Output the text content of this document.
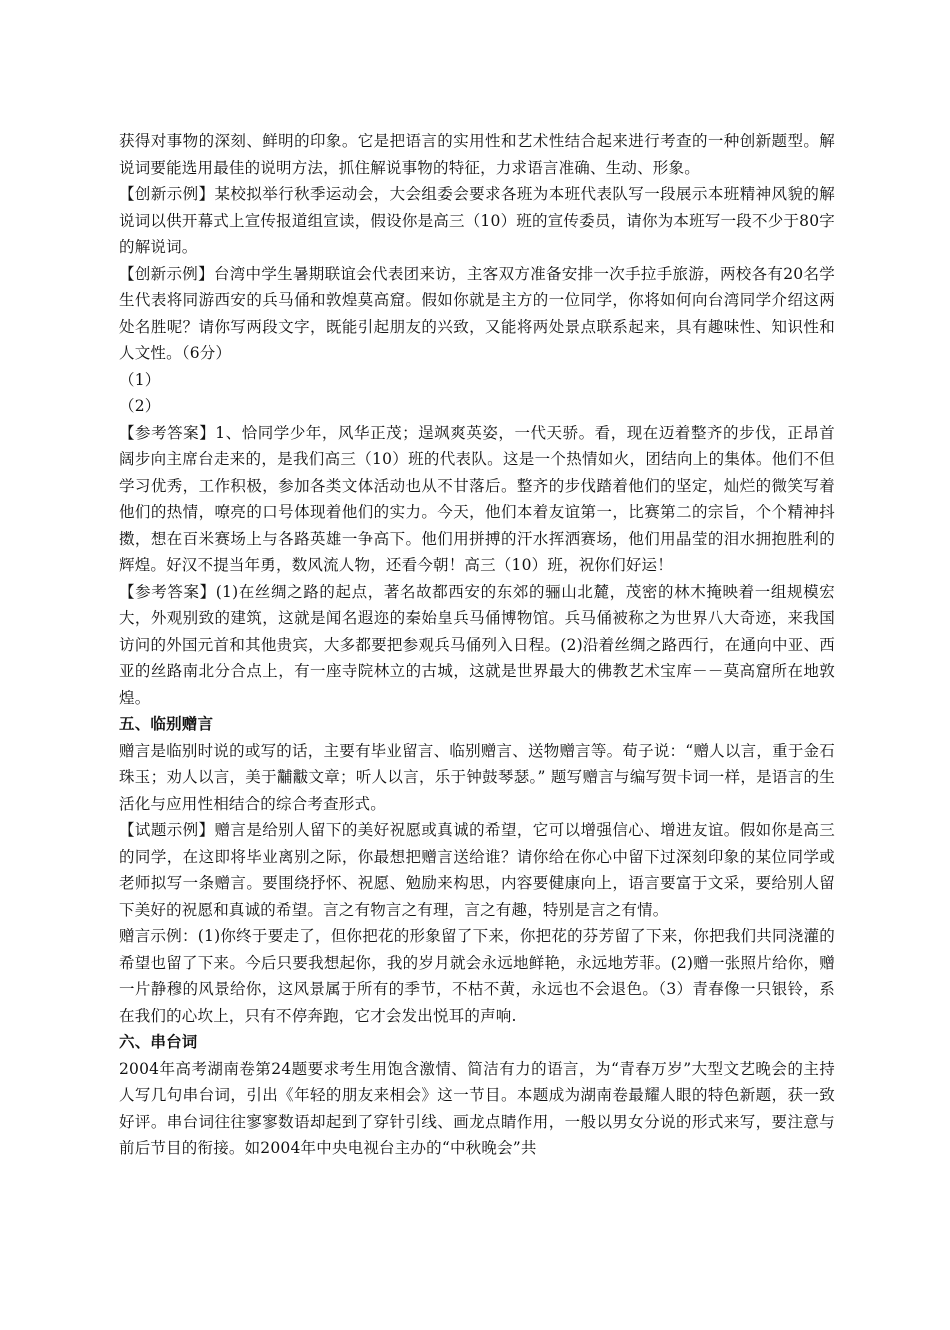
获得对事物的深刻、鲜明的印象。它是把语言的实用性和艺术性结合起来进行考查的一种创新题型。解说词要能选用最佳的说明方法，抓住解说事物的特征，力求语言准确、生动、形象。

【创新示例】某校拟举行秋季运动会，大会组委会要求各班为本班代表队写一段展示本班精神风貌的解说词以供开幕式上宣传报道组宣读，假设你是高三（10）班的宣传委员，请你为本班写一段不少于80字的解说词。

【创新示例】台湾中学生暑期联谊会代表团来访，主客双方准备安排一次手拉手旅游，两校各有20名学生代表将同游西安的兵马俑和敦煌莫高窟。假如你就是主方的一位同学，你将如何向台湾同学介绍这两处名胜呢？请你写两段文字，既能引起朋友的兴致，又能将两处景点联系起来，具有趣味性、知识性和人文性。（6分）

（1）

（2）

【参考答案】1、恰同学少年，风华正茂；逞飒爽英姿，一代天骄。看，现在迈着整齐的步伐，正昂首阔步向主席台走来的，是我们高三（10）班的代表队。这是一个热情如火，团结向上的集体。他们不但学习优秀，工作积极，参加各类文体活动也从不甘落后。整齐的步伐踏着他们的坚定，灿烂的微笑写着他们的热情，嘹亮的口号体现着他们的实力。今天，他们本着友谊第一，比赛第二的宗旨，个个精神抖擞，想在百米赛场上与各路英雄一争高下。他们用拼搏的汗水挥洒赛场，他们用晶莹的泪水拥抱胜利的辉煌。好汉不提当年勇，数风流人物，还看今朝！高三（10）班，祝你们好运！

【参考答案】(1)在丝绸之路的起点，著名故都西安的东郊的骊山北麓，茂密的林木掩映着一组规模宏大，外观别致的建筑，这就是闻名遐迩的秦始皇兵马俑博物馆。兵马俑被称之为世界八大奇迹，来我国访问的外国元首和其他贵宾，大多都要把参观兵马俑列入日程。(2)沿着丝绸之路西行，在通向中亚、西亚的丝路南北分合点上，有一座寺院林立的古城，这就是世界最大的佛教艺术宝库－－莫高窟所在地敦煌。

五、临别赠言

赠言是临别时说的或写的话，主要有毕业留言、临别赠言、送物赠言等。荀子说：“赠人以言，重于金石珠玉；劝人以言，美于黼黻文章；听人以言，乐于钟鼓琴瑟。” 题写赠言与编写贺卡词一样，是语言的生活化与应用性相结合的综合考查形式。

【试题示例】赠言是给别人留下的美好祝愿或真诚的希望，它可以增强信心、增进友谊。假如你是高三的同学，在这即将毕业离别之际，你最想把赠言送给谁？请你给在你心中留下过深刻印象的某位同学或老师拟写一条赠言。要围绕抒怀、祝愿、勉励来构思，内容要健康向上，语言要富于文采，要给别人留下美好的祝愿和真诚的希望。言之有物言之有理，言之有趣，特别是言之有情。

赠言示例：(1)你终于要走了，但你把花的形象留了下来，你把花的芬芳留了下来，你把我们共同浇灌的希望也留了下来。今后只要我想起你，我的岁月就会永远地鲜艳，永远地芳菲。(2)赠一张照片给你，赠一片静穆的风景给你，这风景属于所有的季节，不枯不黄，永远也不会退色。（3）青春像一只银铃，系在我们的心坎上，只有不停奔跑，它才会发出悦耳的声响.

六、串台词

2004年高考湖南卷第24题要求考生用饱含激情、简洁有力的语言，为“青春万岁”大型文艺晚会的主持人写几句串台词，引出《年轻的朋友来相会》这一节目。本题成为湖南卷最耀人眼的特色新题，获一致好评。串台词往往寥寥数语却起到了穿针引线、画龙点睛作用，一般以男女分说的形式来写，要注意与前后节目的衔接。如2004年中央电视台主办的“中秋晚会”共
